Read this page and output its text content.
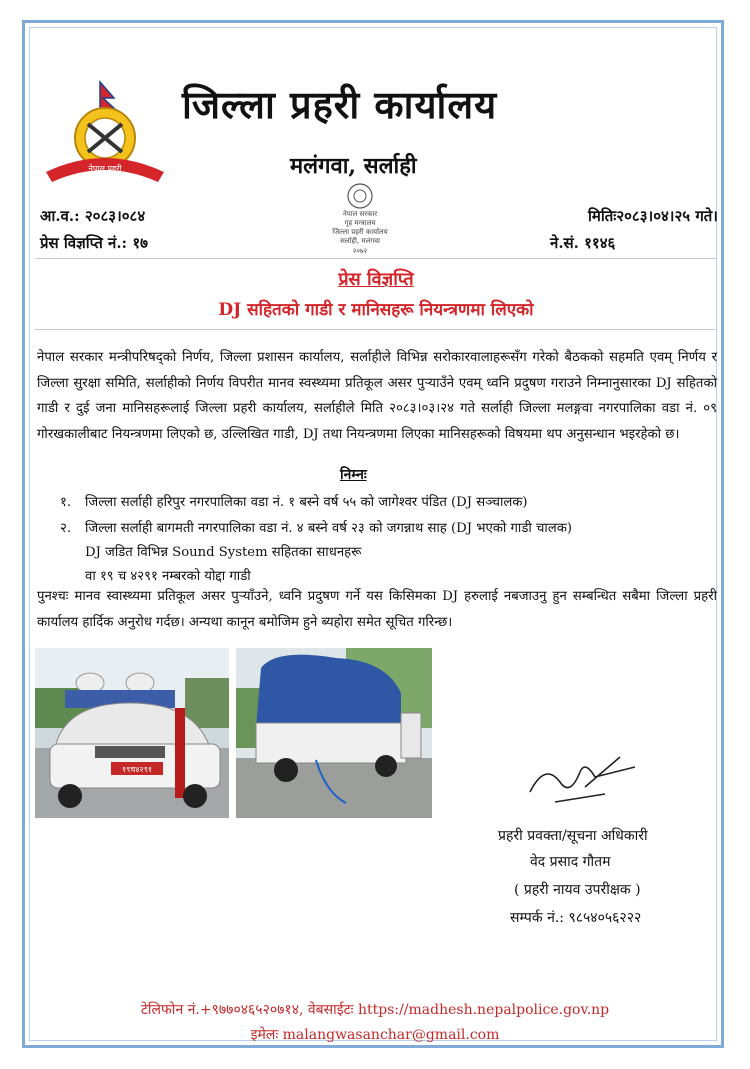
नेपाल प्रहरी
सत्य सेवा सुरक्षणम्
जिल्ला प्रहरी कार्यालय
मलंगवा, सर्लाही
आ.व.: २०८३।०८४
प्रेस विज्ञप्ति नं.: १७
मितिः२०८३।०४।२५ गते।
ने.सं. ११४६
नेपाल सरकार
गृह मन्त्रालय
जिल्ला प्रहरी कार्यालय
सर्लाही, मलंगवा
२०७२
प्रेस विज्ञप्ति
DJ सहितको गाडी र मानिसहरू नियन्त्रणमा लिएको
नेपाल सरकार मन्त्रीपरिषद्को निर्णय, जिल्ला प्रशासन कार्यालय, सर्लाहीले विभिन्न सरोकारवालाहरूसँग गरेको बैठकको सहमति एवम् निर्णय र जिल्ला सुरक्षा समिति, सर्लाहीको निर्णय विपरीत मानव स्वस्थ्यमा प्रतिकूल असर पुर्‍याउँने एवम् ध्वनि प्रदुषण गराउने निम्नानुसारका DJ सहितको गाडी र दुई जना मानिसहरूलाई जिल्ला प्रहरी कार्यालय, सर्लाहीले मिति २०८३।०३।२४ गते सर्लाही जिल्ला मलङ्गवा नगरपालिका वडा नं. ०९ गोरखकालीबाट नियन्त्रणमा लिएको छ, उल्लिखित गाडी, DJ तथा नियन्त्रणमा लिएका मानिसहरूको विषयमा थप अनुसन्धान भइरहेको छ।
निम्नः
१. जिल्ला सर्लाही हरिपुर नगरपालिका वडा नं. १ बस्ने वर्ष ५५ को जागेश्वर पंडित (DJ सञ्चालक)
२. जिल्ला सर्लाही बागमती नगरपालिका वडा नं. ४ बस्ने वर्ष २३ को जगन्नाथ साह (DJ भएको गाडी चालक)
DJ जडित विभिन्न Sound System सहितका साधनहरू
वा १९ च ४२९१ नम्बरको योद्दा गाडी
पुनश्चः मानव स्वास्थ्यमा प्रतिकूल असर पुर्‍याँउने, ध्वनि प्रदुषण गर्ने यस किसिमका DJ हरुलाई नबजाउनु हुन सम्बन्धित सबैमा जिल्ला प्रहरी कार्यालय हार्दिक अनुरोध गर्दछ। अन्यथा कानून बमोजिम हुने ब्यहोरा समेत सूचित गरिन्छ।
१९च४२९१
प्रहरी प्रवक्ता/सूचना अधिकारी
वेद प्रसाद गौतम
( प्रहरी नायव उपरीक्षक )
सम्पर्क नं.: ९८५४०५६२२२
टेलिफोन नं.+९७७०४६५२०७१४, वेबसाईटः https://madhesh.nepalpolice.gov.np
इमेलः malangwasanchar@gmail.com
